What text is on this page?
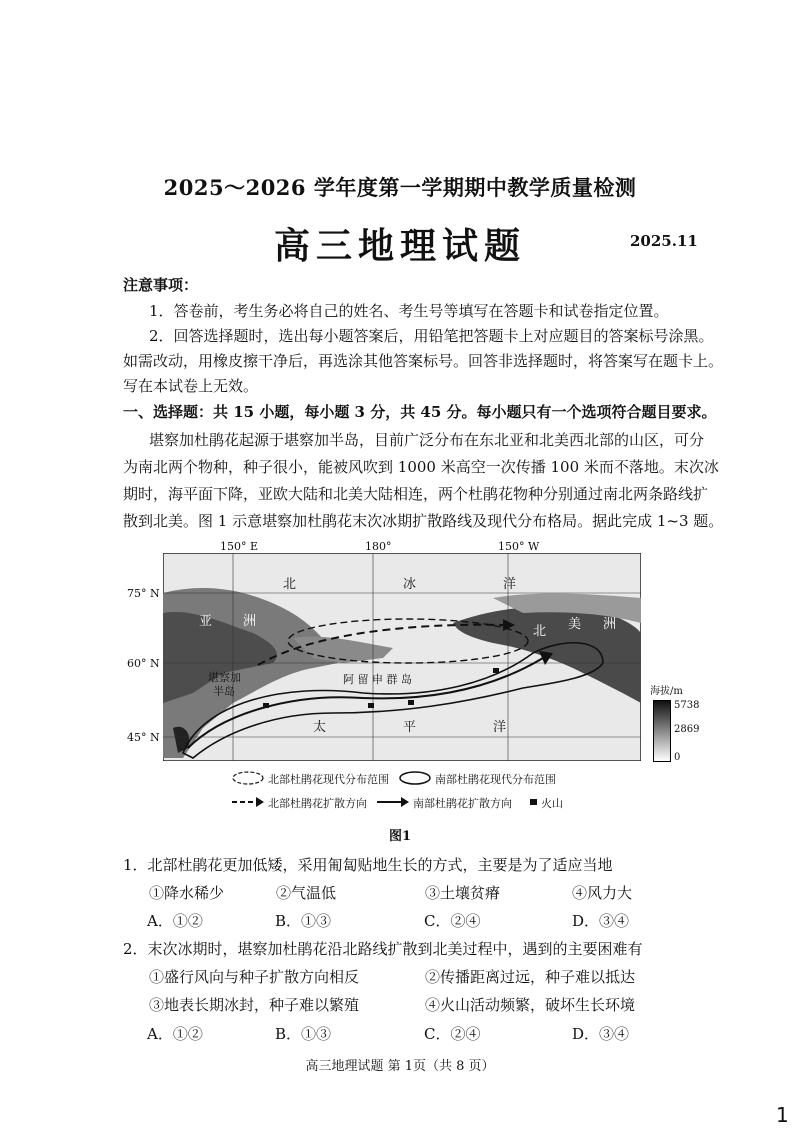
2025～2026 学年度第一学期期中教学质量检测
高三地理试题	2025.11
注意事项：
1．答卷前，考生务必将自己的姓名、考生号等填写在答题卡和试卷指定位置。
2．回答选择题时，选出每小题答案后，用铅笔把答题卡上对应题目的答案标号涂黑。
如需改动，用橡皮擦干净后，再选涂其他答案标号。回答非选择题时，将答案写在题卡上。
写在本试卷上无效。
一、选择题：共 15 小题，每小题 3 分，共 45 分。每小题只有一个选项符合题目要求。
堪察加杜鹃花起源于堪察加半岛，目前广泛分布在东北亚和北美西北部的山区，可分
为南北两个物种，种子很小，能被风吹到 1000 米高空一次传播 100 米而不落地。末次冰
期时，海平面下降，亚欧大陆和北美大陆相连，两个杜鹃花物种分别通过南北两条路线扩
散到北美。图 1 示意堪察加杜鹃花末次冰期扩散路线及现代分布格局。据此完成 1~3 题。
150° E	180°	150° W
75° N
60° N
45° N
北	冰	洋
亚 洲
北 美 洲
堪察加
半岛
阿 留 申 群 岛
太	平	洋
海拔/m
5738
2869
0
北部杜鹃花现代分布范围	南部杜鹃花现代分布范围
北部杜鹃花扩散方向	南部杜鹃花扩散方向	火山
图1
1．北部杜鹃花更加低矮，采用匍匐贴地生长的方式，主要是为了适应当地
①降水稀少	②气温低	③土壤贫瘠	④风力大
A．①②	B．①③	C．②④	D．③④
2．末次冰期时，堪察加杜鹃花沿北路线扩散到北美过程中，遇到的主要困难有
①盛行风向与种子扩散方向相反	②传播距离过远，种子难以抵达
③地表长期冰封，种子难以繁殖	④火山活动频繁，破坏生长环境
A．①②	B．①③	C．②④	D．③④
高三地理试题 第 1页（共 8 页）
1
